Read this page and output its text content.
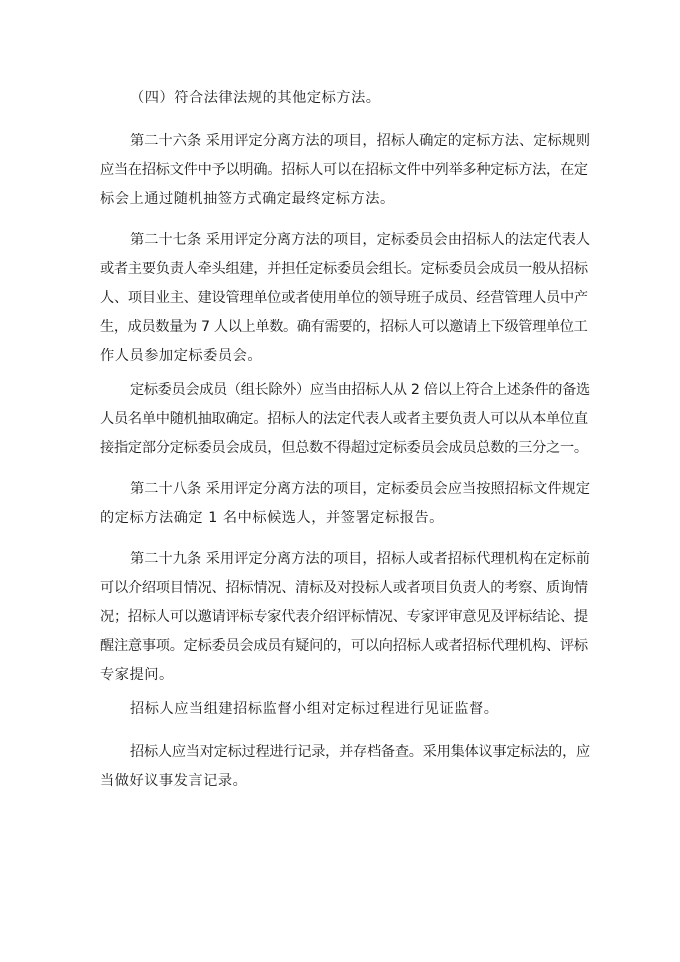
（四）符合法律法规的其他定标方法。

第二十六条 采用评定分离方法的项目，招标人确定的定标方法、定标规则
应当在招标文件中予以明确。招标人可以在招标文件中列举多种定标方法，在定
标会上通过随机抽签方式确定最终定标方法。

第二十七条 采用评定分离方法的项目，定标委员会由招标人的法定代表人
或者主要负责人牵头组建，并担任定标委员会组长。定标委员会成员一般从招标
人、项目业主、建设管理单位或者使用单位的领导班子成员、经营管理人员中产
生，成员数量为 7 人以上单数。确有需要的，招标人可以邀请上下级管理单位工
作人员参加定标委员会。

定标委员会成员（组长除外）应当由招标人从 2 倍以上符合上述条件的备选
人员名单中随机抽取确定。招标人的法定代表人或者主要负责人可以从本单位直
接指定部分定标委员会成员，但总数不得超过定标委员会成员总数的三分之一。

第二十八条 采用评定分离方法的项目，定标委员会应当按照招标文件规定
的定标方法确定 1 名中标候选人，并签署定标报告。

第二十九条 采用评定分离方法的项目，招标人或者招标代理机构在定标前
可以介绍项目情况、招标情况、清标及对投标人或者项目负责人的考察、质询情
况；招标人可以邀请评标专家代表介绍评标情况、专家评审意见及评标结论、提
醒注意事项。定标委员会成员有疑问的，可以向招标人或者招标代理机构、评标
专家提问。

招标人应当组建招标监督小组对定标过程进行见证监督。

招标人应当对定标过程进行记录，并存档备查。采用集体议事定标法的，应
当做好议事发言记录。
